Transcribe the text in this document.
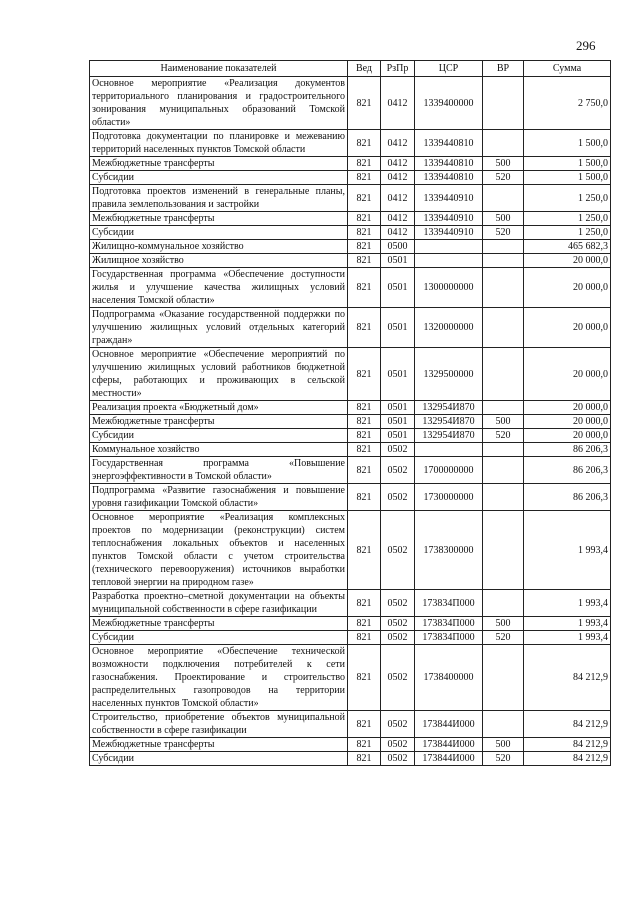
296
Наименование показателей	Вед	РзПр	ЦСР	ВР	Сумма
Основное мероприятие «Реализация документов территориального планирования и градостроительного зонирования муниципальных образований Томской области»	821	0412	1339400000		2 750,0
Подготовка документации по планировке и межеванию территорий населенных пунктов Томской области	821	0412	1339440810		1 500,0
Межбюджетные трансферты	821	0412	1339440810	500	1 500,0
Субсидии	821	0412	1339440810	520	1 500,0
Подготовка проектов изменений в генеральные планы, правила землепользования и застройки	821	0412	1339440910		1 250,0
Межбюджетные трансферты	821	0412	1339440910	500	1 250,0
Субсидии	821	0412	1339440910	520	1 250,0
Жилищно-коммунальное хозяйство	821	0500			465 682,3
Жилищное хозяйство	821	0501			20 000,0
Государственная программа «Обеспечение доступности жилья и улучшение качества жилищных условий населения Томской области»	821	0501	1300000000		20 000,0
Подпрограмма «Оказание государственной поддержки по улучшению жилищных условий отдельных категорий граждан»	821	0501	1320000000		20 000,0
Основное мероприятие «Обеспечение мероприятий по улучшению жилищных условий работников бюджетной сферы, работающих и проживающих в сельской местности»	821	0501	1329500000		20 000,0
Реализация проекта «Бюджетный дом»	821	0501	132954И870		20 000,0
Межбюджетные трансферты	821	0501	132954И870	500	20 000,0
Субсидии	821	0501	132954И870	520	20 000,0
Коммунальное хозяйство	821	0502			86 206,3
Государственная программа «Повышение энергоэффективности в Томской области»	821	0502	1700000000		86 206,3
Подпрограмма «Развитие газоснабжения и повышение уровня газификации Томской области»	821	0502	1730000000		86 206,3
Основное мероприятие «Реализация комплексных проектов по модернизации (реконструкции) систем теплоснабжения локальных объектов и населенных пунктов Томской области с учетом строительства (технического перевооружения) источников выработки тепловой энергии на природном газе»	821	0502	1738300000		1 993,4
Разработка проектно–сметной документации на объекты муниципальной собственности в сфере газификации	821	0502	173834П000		1 993,4
Межбюджетные трансферты	821	0502	173834П000	500	1 993,4
Субсидии	821	0502	173834П000	520	1 993,4
Основное мероприятие «Обеспечение технической возможности подключения потребителей к сети газоснабжения. Проектирование и строительство распределительных газопроводов на территории населенных пунктов Томской области»	821	0502	1738400000		84 212,9
Строительство, приобретение объектов муниципальной собственности в сфере газификации	821	0502	173844И000		84 212,9
Межбюджетные трансферты	821	0502	173844И000	500	84 212,9
Субсидии	821	0502	173844И000	520	84 212,9
